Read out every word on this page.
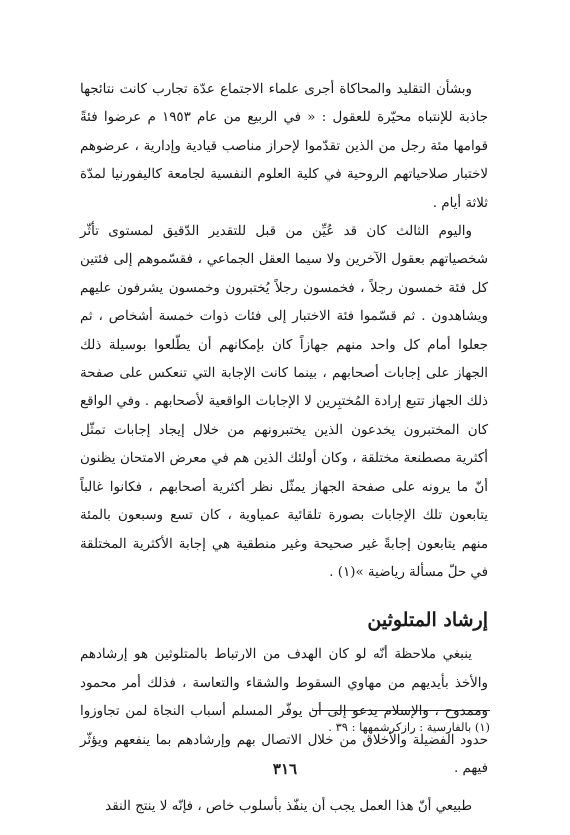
وبشأن التقليد والمحاكاة أجرى علماء الاجتماع عدّة تجارب كانت نتائجها جاذبة للإنتباه محيّرة للعقول : « في الربيع من عام ١٩٥٣ م عرضوا فئةً قوامها مئة رجل من الذين تقدّموا لإحراز مناصب قيادية وإدارية ، عرضوهم لاختبار صلاحياتهم الروحية في كلية العلوم النفسية لجامعة كاليفورنيا لمدّة ثلاثة أيام .

واليوم الثالث كان قد عُيِّن من قبل للتقدير الدّقيق لمستوى تأثّر شخصياتهم بعقول الآخرين ولا سيما العقل الجماعي ، فقسّموهم إلى فئتين كل فئة خمسون رجلاً ، فخمسون رجلاً يُختبرون وخمسون يشرفون عليهم ويشاهدون . ثم قسّموا فئة الاختبار إلى فئات ذوات خمسة أشخاص ، ثم جعلوا أمام كل واحد منهم جهازاً كان بإمكانهم أن يطّلعوا بوسيلة ذلك الجهاز على إجابات أصحابهم ، بينما كانت الإجابة التي تنعكس على صفحة ذلك الجهاز تتبع إرادة المُختبِرين لا الإجابات الواقعية لأصحابهم . وفي الواقع كان المختبرون يخدعون الذين يختبرونهم من خلال إيجاد إجابات تمثّل أكثرية مصطنعة مختلقة ، وكان أولئك الذين هم في معرض الامتحان يظنون أنّ ما يرونه على صفحة الجهاز يمثّل نظر أكثرية أصحابهم ، فكانوا غالباً يتابعون تلك الإجابات بصورة تلقائية عمياوية ، كان تسع وسبعون بالمئة منهم يتابعون إجابةً غير صحيحة وغير منطقية هي إجابة الأكثرية المختلقة في حلّ مسألة رياضية »(١) .

إرشاد المتلوثين

ينبغي ملاحظة أنّه لو كان الهدف من الارتباط بالمتلوثين هو إرشادهم والأخذ بأيديهم من مهاوي السقوط والشقاء والتعاسة ، فذلك أمر محمود وممدوح ، والإسلام يدعو إلى أن يوفّر المسلم أسباب النجاة لمن تجاوزوا حدود الفضيلة والأخلاق من خلال الاتصال بهم وإرشادهم بما ينفعهم ويؤثّر فيهم .

طبيعي أنّ هذا العمل يجب أن ينفّذ بأسلوب خاص ، فإنّه لا ينتج النقد

(١) بالفارسية : رازكرشمهها : ٣٩ .
٣١٦
